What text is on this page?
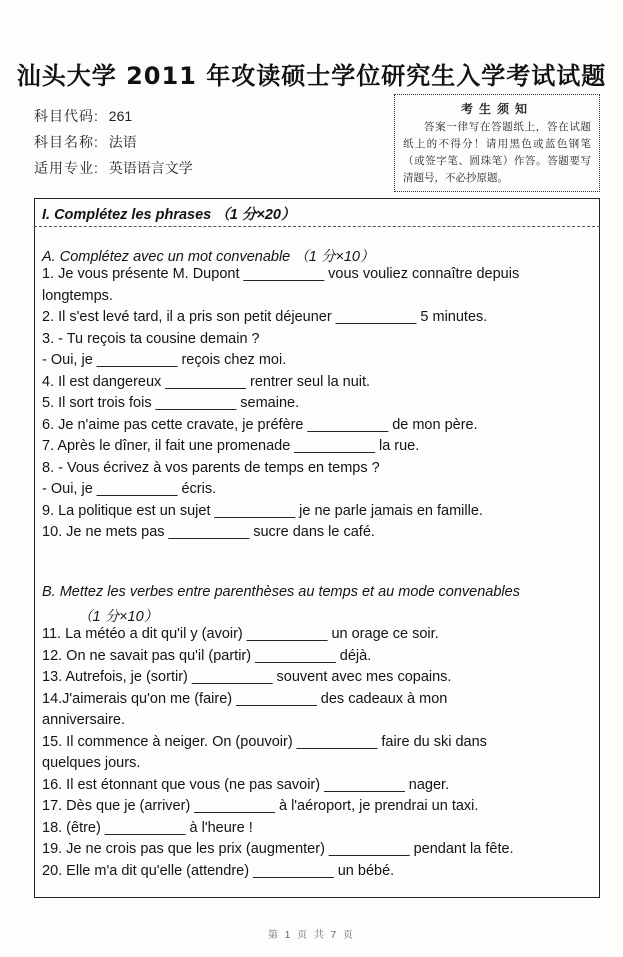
汕头大学 2011 年攻读硕士学位研究生入学考试试题
科目代码: 261
科目名称: 法语
适用专业: 英语语言文学
考生须知
答案一律写在答题纸上，答在试题纸上的不得分！请用黑色或蓝色钢笔（或签字笔、圆珠笔）作答。答题要写清题号，不必抄原题。
I. Complétez les phrases （1 分×20）
A. Complétez avec un mot convenable （1 分×10）
1. Je vous présente M. Dupont __________ vous vouliez connaître depuis
longtemps.
2. Il s'est levé tard, il a pris son petit déjeuner __________ 5 minutes.
3. - Tu reçois ta cousine demain ?
- Oui, je __________ reçois chez moi.
4. Il est dangereux __________ rentrer seul la nuit.
5. Il sort trois fois __________ semaine.
6. Je n'aime pas cette cravate, je préfère __________ de mon père.
7. Après le dîner, il fait une promenade __________ la rue.
8. - Vous écrivez à vos parents de temps en temps ?
- Oui, je __________ écris.
9. La politique est un sujet __________ je ne parle jamais en famille.
10. Je ne mets pas __________ sucre dans le café.
B. Mettez les verbes entre parenthèses au temps et au mode convenables
（1 分×10）
11. La météo a dit qu'il y (avoir) __________ un orage ce soir.
12. On ne savait pas qu'il (partir) __________ déjà.
13. Autrefois, je (sortir) __________ souvent avec mes copains.
14.J'aimerais qu'on me (faire) __________ des cadeaux à mon
anniversaire.
15. Il commence à neiger. On (pouvoir) __________ faire du ski dans
quelques jours.
16. Il est étonnant que vous (ne pas savoir) __________ nager.
17. Dès que je (arriver) __________ à l'aéroport, je prendrai un taxi.
18. (être) __________ à l'heure !
19. Je ne crois pas que les prix (augmenter) __________ pendant la fête.
20. Elle m'a dit qu'elle (attendre) __________ un bébé.
第 1 页 共 7 页
